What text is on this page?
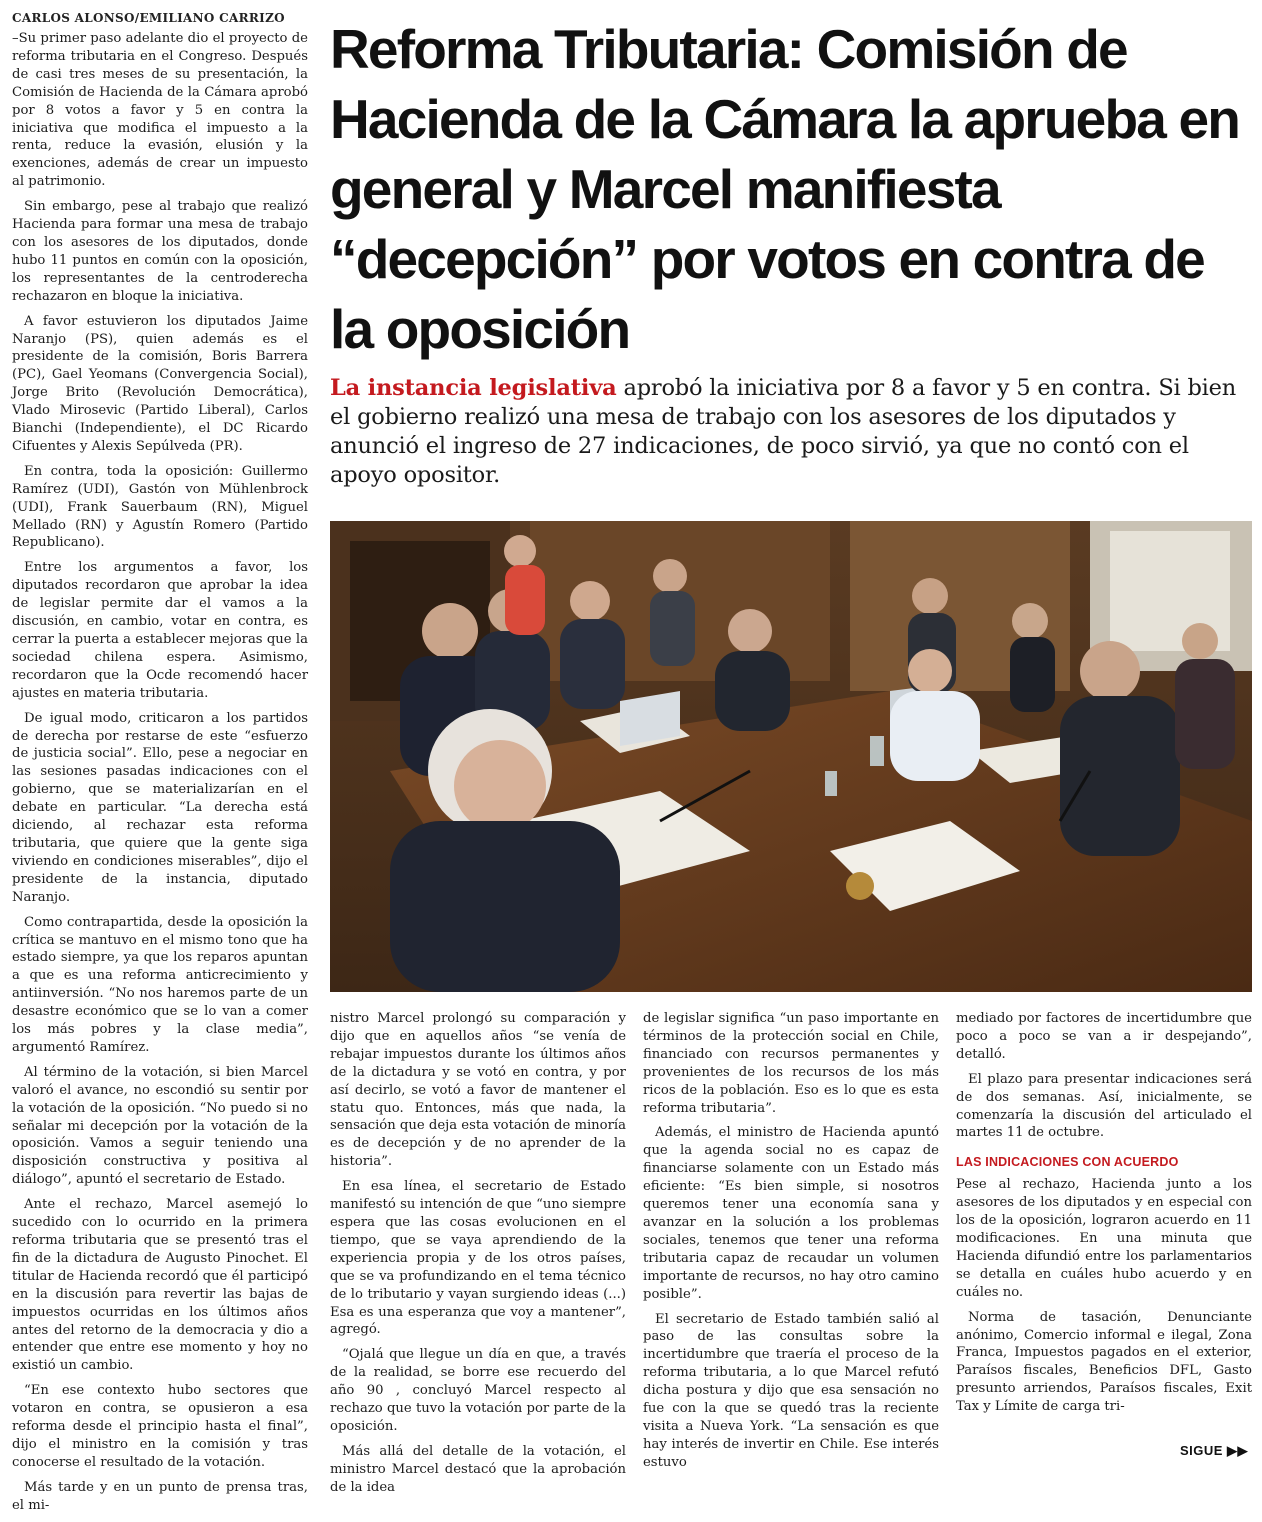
CARLOS ALONSO/EMILIANO CARRIZO

–Su primer paso adelante dio el proyecto de reforma tributaria en el Congreso. Después de casi tres meses de su presentación, la Comisión de Hacienda de la Cámara aprobó por 8 votos a favor y 5 en contra la iniciativa que modifica el impuesto a la renta, reduce la evasión, elusión y la exenciones, además de crear un impuesto al patrimonio.

Sin embargo, pese al trabajo que realizó Hacienda para formar una mesa de trabajo con los asesores de los diputados, donde hubo 11 puntos en común con la oposición, los representantes de la centroderecha rechazaron en bloque la iniciativa.

A favor estuvieron los diputados Jaime Naranjo (PS), quien además es el presidente de la comisión, Boris Barrera (PC), Gael Yeomans (Convergencia Social), Jorge Brito (Revolución Democrática), Vlado Mirosevic (Partido Liberal), Carlos Bianchi (Independiente), el DC Ricardo Cifuentes y Alexis Sepúlveda (PR).

En contra, toda la oposición: Guillermo Ramírez (UDI), Gastón von Mühlenbrock (UDI), Frank Sauerbaum (RN), Miguel Mellado (RN) y Agustín Romero (Partido Republicano).

Entre los argumentos a favor, los diputados recordaron que aprobar la idea de legislar permite dar el vamos a la discusión, en cambio, votar en contra, es cerrar la puerta a establecer mejoras que la sociedad chilena espera. Asimismo, recordaron que la Ocde recomendó hacer ajustes en materia tributaria.

De igual modo, criticaron a los partidos de derecha por restarse de este “esfuerzo de justicia social”. Ello, pese a negociar en las sesiones pasadas indicaciones con el gobierno, que se materializarían en el debate en particular. “La derecha está diciendo, al rechazar esta reforma tributaria, que quiere que la gente siga viviendo en condiciones miserables”, dijo el presidente de la instancia, diputado Naranjo.

Como contrapartida, desde la oposición la crítica se mantuvo en el mismo tono que ha estado siempre, ya que los reparos apuntan a que es una reforma anticrecimiento y antiinversión. “No nos haremos parte de un desastre económico que se lo van a comer los más pobres y la clase media”, argumentó Ramírez.

Al término de la votación, si bien Marcel valoró el avance, no escondió su sentir por la votación de la oposición. “No puedo si no señalar mi decepción por la votación de la oposición. Vamos a seguir teniendo una disposición constructiva y positiva al diálogo”, apuntó el secretario de Estado.

Ante el rechazo, Marcel asemejó lo sucedido con lo ocurrido en la primera reforma tributaria que se presentó tras el fin de la dictadura de Augusto Pinochet. El titular de Hacienda recordó que él participó en la discusión para revertir las bajas de impuestos ocurridas en los últimos años antes del retorno de la democracia y dio a entender que entre ese momento y hoy no existió un cambio.

“En ese contexto hubo sectores que votaron en contra, se opusieron a esa reforma desde el principio hasta el final”, dijo el ministro en la comisión y tras conocerse el resultado de la votación.

Más tarde y en un punto de prensa tras, el mi-

Reforma Tributaria: Comisión de Hacienda de la Cámara la aprueba en general y Marcel manifiesta “decepción” por votos en contra de la oposición
La instancia legislativa aprobó la iniciativa por 8 a favor y 5 en contra. Si bien el gobierno realizó una mesa de trabajo con los asesores de los diputados y anunció el ingreso de 27 indicaciones, de poco sirvió, ya que no contó con el apoyo opositor.

nistro Marcel prolongó su comparación y dijo que en aquellos años “se venía de rebajar impuestos durante los últimos años de la dictadura y se votó en contra, y por así decirlo, se votó a favor de mantener el statu quo. Entonces, más que nada, la sensación que deja esta votación de minoría es de decepción y de no aprender de la historia”.

En esa línea, el secretario de Estado manifestó su intención de que “uno siempre espera que las cosas evolucionen en el tiempo, que se vaya aprendiendo de la experiencia propia y de los otros países, que se va profundizando en el tema técnico de lo tributario y vayan surgiendo ideas (...) Esa es una esperanza que voy a mantener”, agregó.

“Ojalá que llegue un día en que, a través de la realidad, se borre ese recuerdo del año 90 , concluyó Marcel respecto al rechazo que tuvo la votación por parte de la oposición.

Más allá del detalle de la votación, el ministro Marcel destacó que la aprobación de la idea

de legislar significa “un paso importante en términos de la protección social en Chile, financiado con recursos permanentes y provenientes de los recursos de los más ricos de la población. Eso es lo que es esta reforma tributaria”.

Además, el ministro de Hacienda apuntó que la agenda social no es capaz de financiarse solamente con un Estado más eficiente: “Es bien simple, si nosotros queremos tener una economía sana y avanzar en la solución a los problemas sociales, tenemos que tener una reforma tributaria capaz de recaudar un volumen importante de recursos, no hay otro camino posible”.

El secretario de Estado también salió al paso de las consultas sobre la incertidumbre que traería el proceso de la reforma tributaria, a lo que Marcel refutó dicha postura y dijo que esa sensación no fue con la que se quedó tras la reciente visita a Nueva York. “La sensación es que hay interés de invertir en Chile. Ese interés estuvo

mediado por factores de incertidumbre que poco a poco se van a ir despejando”, detalló.

El plazo para presentar indicaciones será de dos semanas. Así, inicialmente, se comenzaría la discusión del articulado el martes 11 de octubre.

LAS INDICACIONES CON ACUERDO

Pese al rechazo, Hacienda junto a los asesores de los diputados y en especial con los de la oposición, lograron acuerdo en 11 modificaciones. En una minuta que Hacienda difundió entre los parlamentarios se detalla en cuáles hubo acuerdo y en cuáles no.

Norma de tasación, Denunciante anónimo, Comercio informal e ilegal, Zona Franca, Impuestos pagados en el exterior, Paraísos fiscales, Beneficios DFL, Gasto presunto arriendos, Paraísos fiscales, Exit Tax y Límite de carga tri-

SIGUE ▶▶
